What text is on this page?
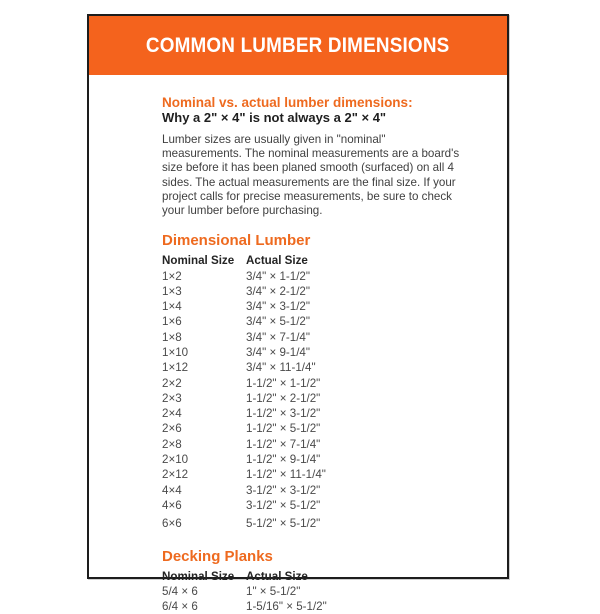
COMMON LUMBER DIMENSIONS

Nominal vs. actual lumber dimensions:

Why a 2" × 4" is not always a 2" × 4"

Lumber sizes are usually given in "nominal" measurements. The nominal measurements are a board's size before it has been planed smooth (surfaced) on all 4 sides. The actual measurements are the final size. If your project calls for precise measurements, be sure to check your lumber before purchasing.

Dimensional Lumber

Nominal Size	Actual Size
1×2	3/4" × 1-1/2"
1×3	3/4" × 2-1/2"
1×4	3/4" × 3-1/2"
1×6	3/4" × 5-1/2"
1×8	3/4" × 7-1/4"
1×10	3/4" × 9-1/4"
1×12	3/4" × 11-1/4"
2×2	1-1/2" × 1-1/2"
2×3	1-1/2" × 2-1/2"
2×4	1-1/2" × 3-1/2"
2×6	1-1/2" × 5-1/2"
2×8	1-1/2" × 7-1/4"
2×10	1-1/2" × 9-1/4"
2×12	1-1/2" × 11-1/4"
4×4	3-1/2" × 3-1/2"
4×6	3-1/2" × 5-1/2"
6×6	5-1/2" × 5-1/2"

Decking Planks

Nominal Size	Actual Size
5/4 × 6	1" × 5-1/2"
6/4 × 6	1-5/16" × 5-1/2"
